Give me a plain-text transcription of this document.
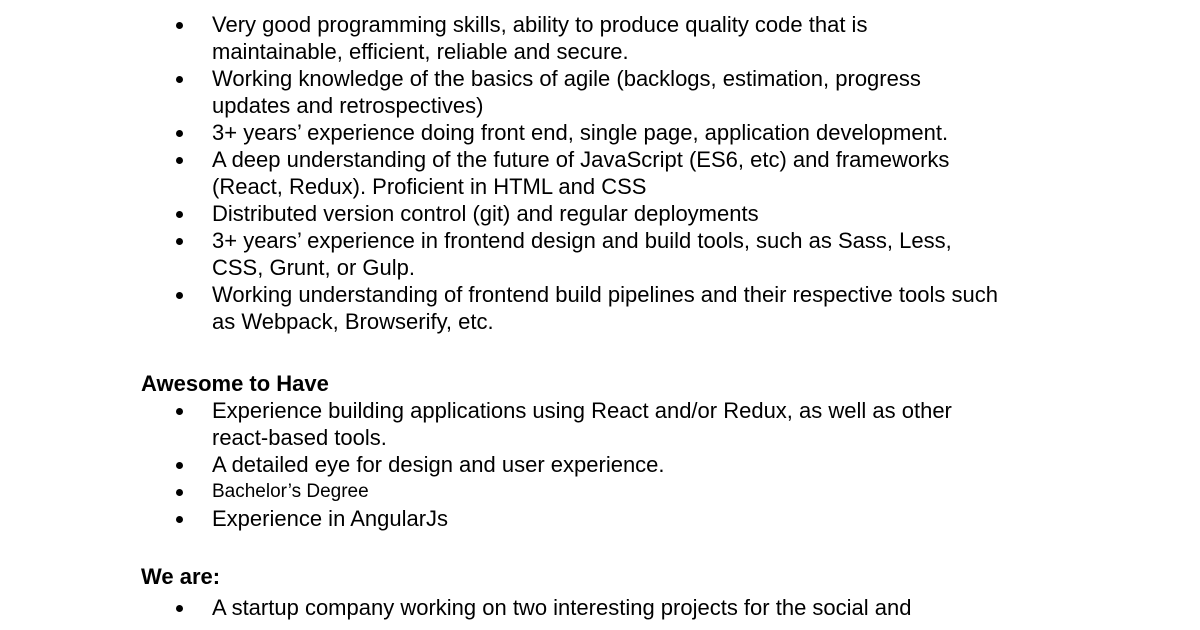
Very good programming skills, ability to produce quality code that is
maintainable, efficient, reliable and secure.
Working knowledge of the basics of agile (backlogs, estimation, progress
updates and retrospectives)
3+ years’ experience doing front end, single page, application development.
A deep understanding of the future of JavaScript (ES6, etc) and frameworks
(React, Redux). Proficient in HTML and CSS
Distributed version control (git) and regular deployments
3+ years’ experience in frontend design and build tools, such as Sass, Less,
CSS, Grunt, or Gulp.
Working understanding of frontend build pipelines and their respective tools such
as Webpack, Browserify, etc.
Awesome to Have
Experience building applications using React and/or Redux, as well as other
react-based tools.
A detailed eye for design and user experience.
Bachelor’s Degree
Experience in AngularJs
We are:
A startup company working on two interesting projects for the social and
